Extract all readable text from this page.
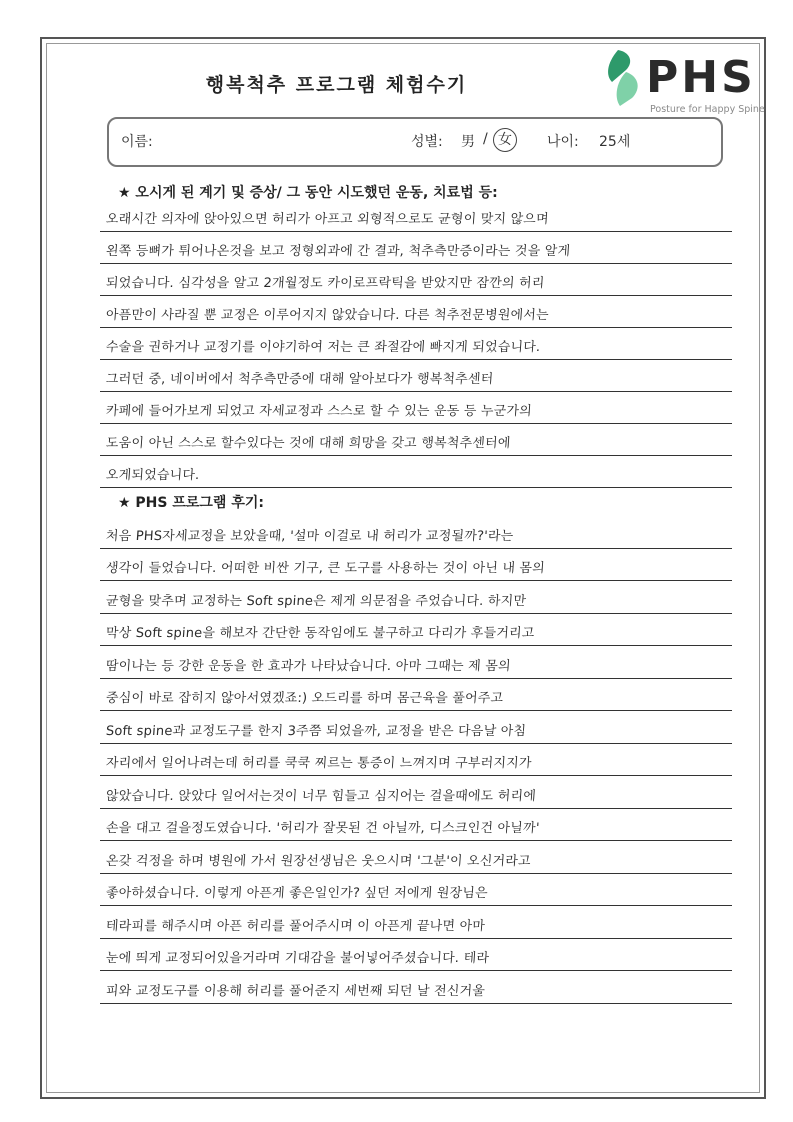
행복척추 프로그램 체험수기	PHS
Posture for Happy Spine
이름:	성별: 男 / 女	나이: 25세
★ 오시게 된 계기 및 증상/ 그 동안 시도했던 운동, 치료법 등:
오래시간 의자에 앉아있으면 허리가 아프고 외형적으로도 균형이 맞지 않으며
왼쪽 등뼈가 튀어나온것을 보고 정형외과에 간 결과, 척추측만증이라는 것을 알게
되었습니다. 심각성을 알고 2개월정도 카이로프락틱을 받았지만 잠깐의 허리
아픔만이 사라질 뿐 교정은 이루어지지 않았습니다. 다른 척추전문병원에서는
수술을 권하거나 교정기를 이야기하여 저는 큰 좌절감에 빠지게 되었습니다.
그러던 중, 네이버에서 척추측만증에 대해 알아보다가 행복척추센터
카페에 들어가보게 되었고 자세교정과 스스로 할 수 있는 운동 등 누군가의
도움이 아닌 스스로 할수있다는 것에 대해 희망을 갖고 행복척추센터에
오게되었습니다.
★ PHS 프로그램 후기:
처음 PHS자세교정을 보았을때, '설마 이걸로 내 허리가 교정될까?'라는
생각이 들었습니다. 어떠한 비싼 기구, 큰 도구를 사용하는 것이 아닌 내 몸의
균형을 맞추며 교정하는 Soft spine은 제게 의문점을 주었습니다. 하지만
막상 Soft spine을 해보자 간단한 동작임에도 불구하고 다리가 후들거리고
땀이나는 등 강한 운동을 한 효과가 나타났습니다. 아마 그때는 제 몸의
중심이 바로 잡히지 않아서였겠죠:) 오드리를 하며 몸근육을 풀어주고
Soft spine과 교정도구를 한지 3주쯤 되었을까, 교정을 받은 다음날 아침
자리에서 일어나려는데 허리를 쿡쿡 찌르는 통증이 느껴지며 구부러지지가
않았습니다. 앉았다 일어서는것이 너무 힘들고 심지어는 걸을때에도 허리에
손을 대고 걸을정도였습니다. '허리가 잘못된 건 아닐까, 디스크인건 아닐까'
온갖 걱정을 하며 병원에 가서 원장선생님은 웃으시며 '그분'이 오신거라고
좋아하셨습니다. 이렇게 아픈게 좋은일인가? 싶던 저에게 원장님은
테라피를 해주시며 아픈 허리를 풀어주시며 이 아픈게 끝나면 아마
눈에 띄게 교정되어있을거라며 기대감을 불어넣어주셨습니다. 테라
피와 교정도구를 이용해 허리를 풀어준지 세번째 되던 날 전신거울
